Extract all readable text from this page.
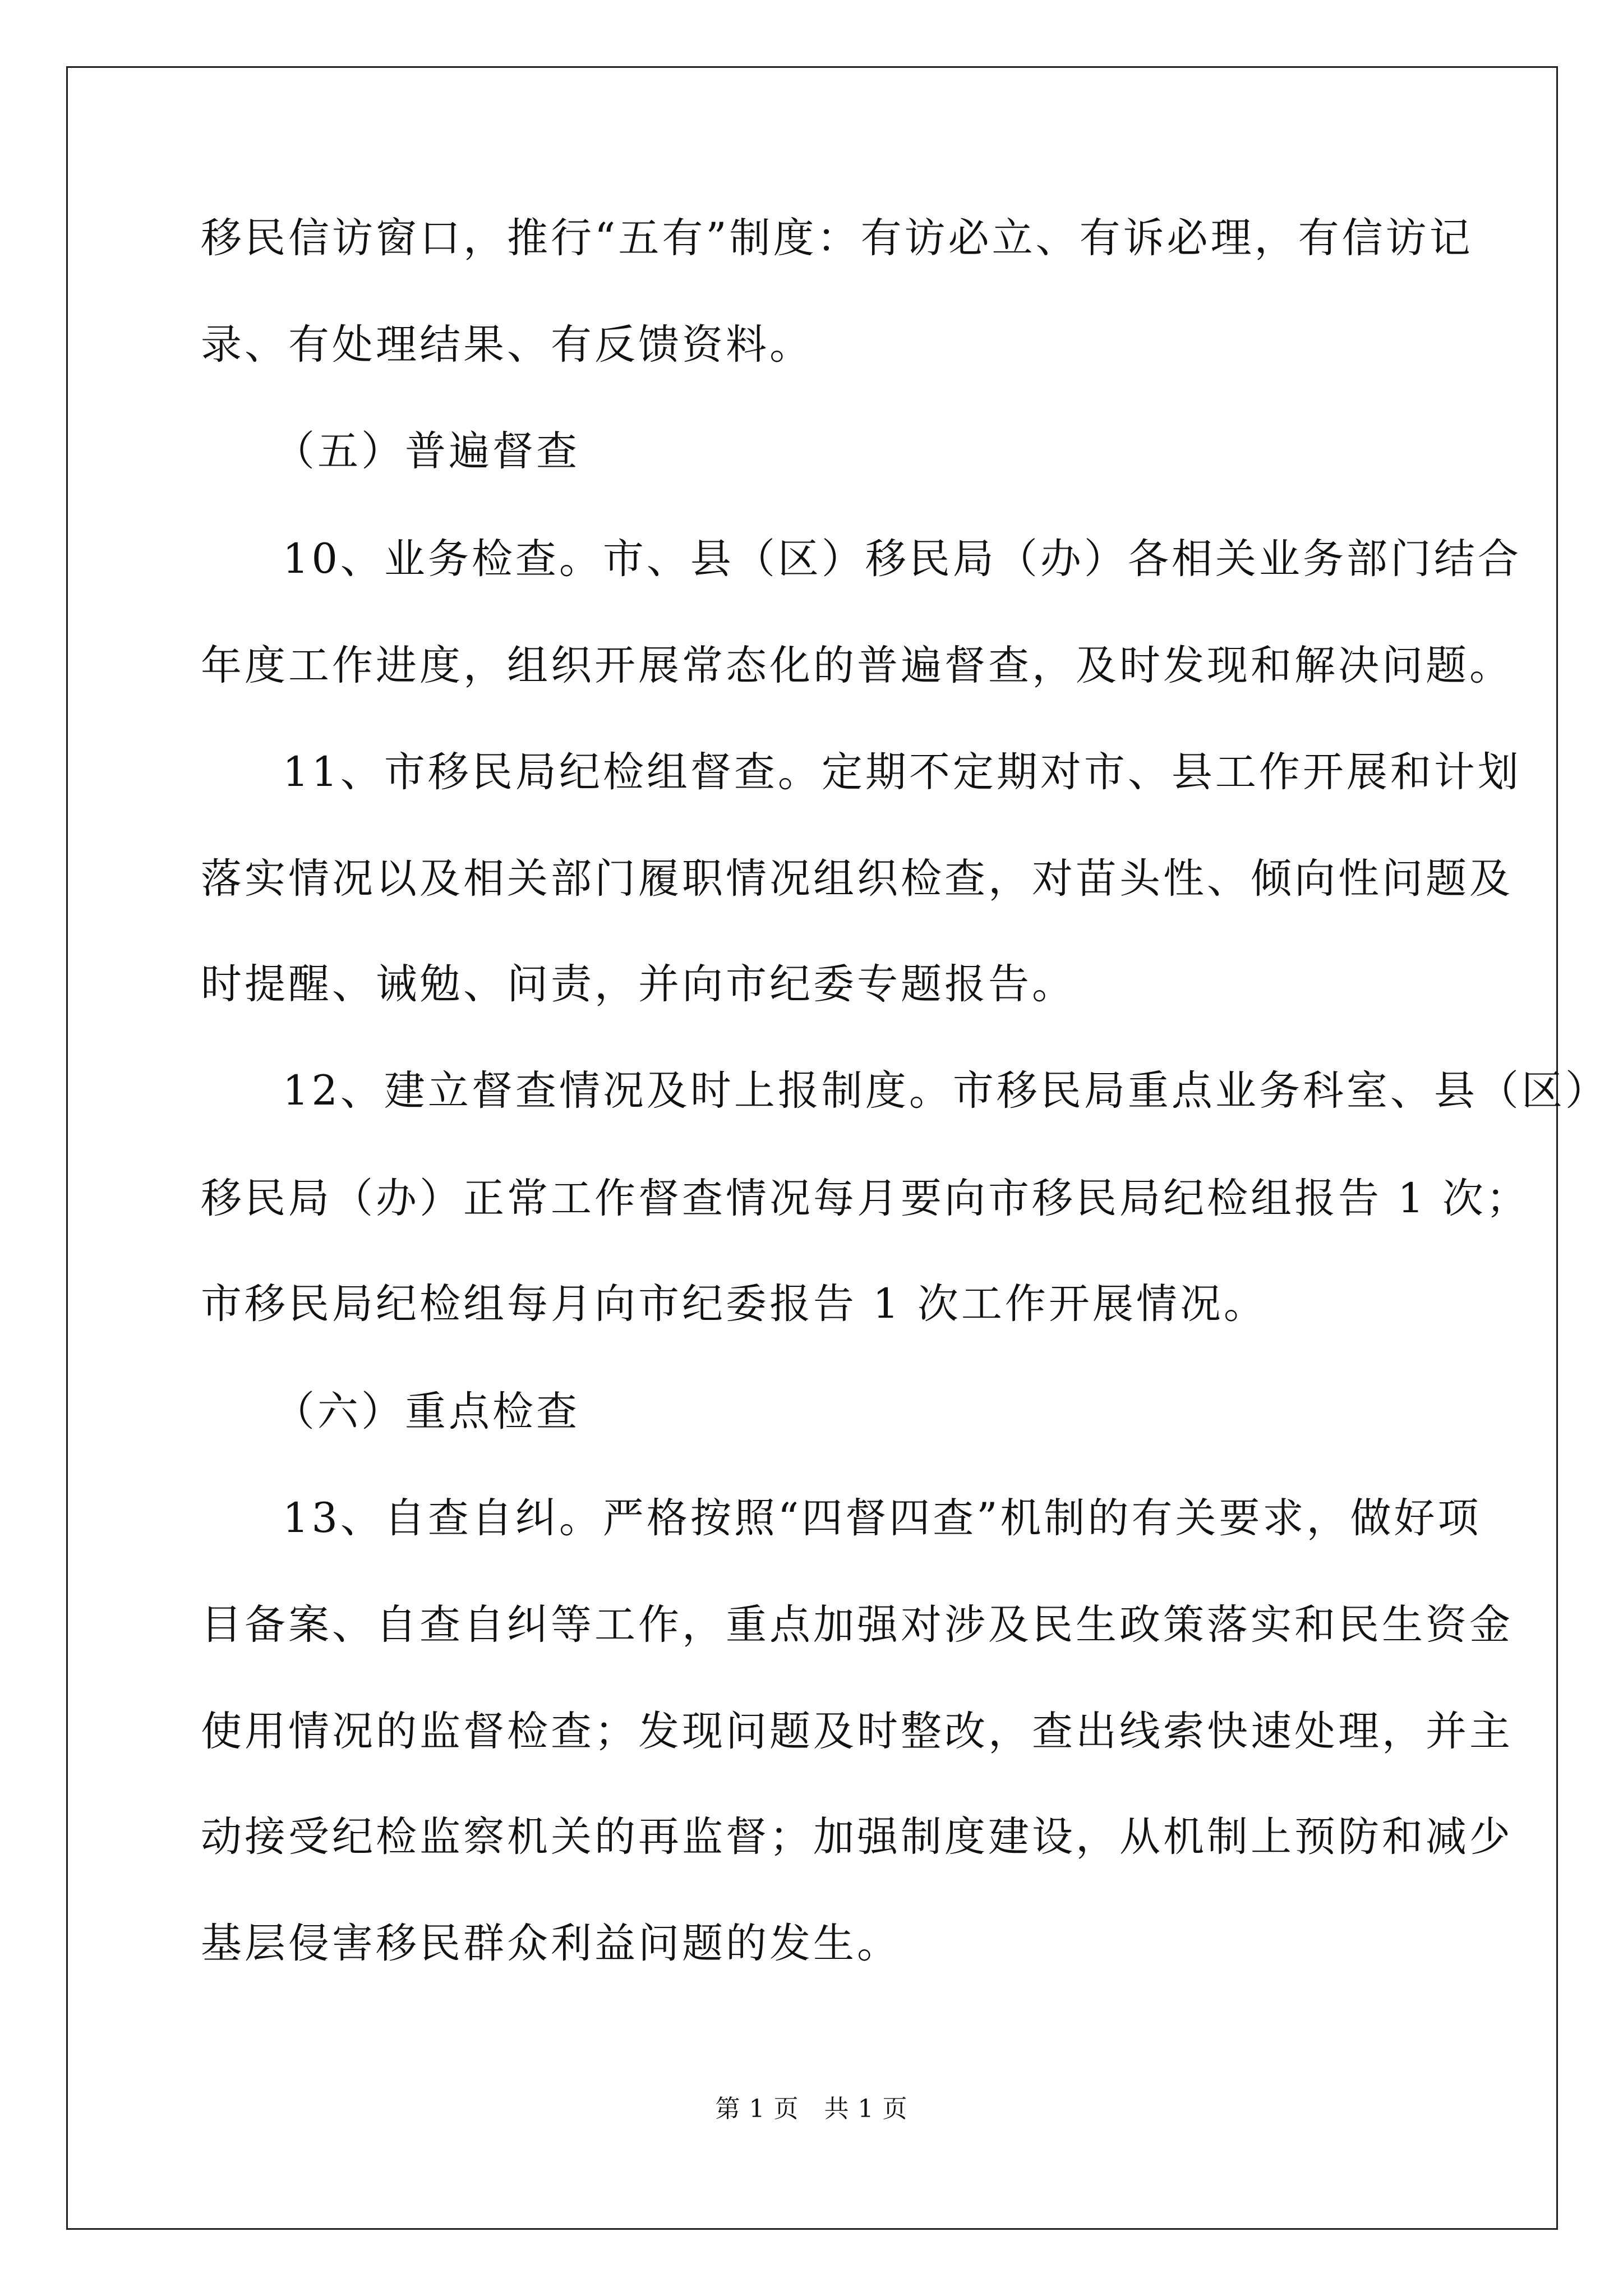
移民信访窗口，推行“五有”制度：有访必立、有诉必理，有信访记
录、有处理结果、有反馈资料。
（五）普遍督查
10、业务检查。市、县（区）移民局（办）各相关业务部门结合
年度工作进度，组织开展常态化的普遍督查，及时发现和解决问题。
11、市移民局纪检组督查。定期不定期对市、县工作开展和计划
落实情况以及相关部门履职情况组织检查，对苗头性、倾向性问题及
时提醒、诫勉、问责，并向市纪委专题报告。
12、建立督查情况及时上报制度。市移民局重点业务科室、县（区）
移民局（办）正常工作督查情况每月要向市移民局纪检组报告 1 次；
市移民局纪检组每月向市纪委报告 1 次工作开展情况。
（六）重点检查
13、自查自纠。严格按照“四督四查”机制的有关要求，做好项
目备案、自查自纠等工作，重点加强对涉及民生政策落实和民生资金
使用情况的监督检查；发现问题及时整改，查出线索快速处理，并主
动接受纪检监察机关的再监督；加强制度建设，从机制上预防和减少
基层侵害移民群众利益问题的发生。
第 1 页　共 1 页
